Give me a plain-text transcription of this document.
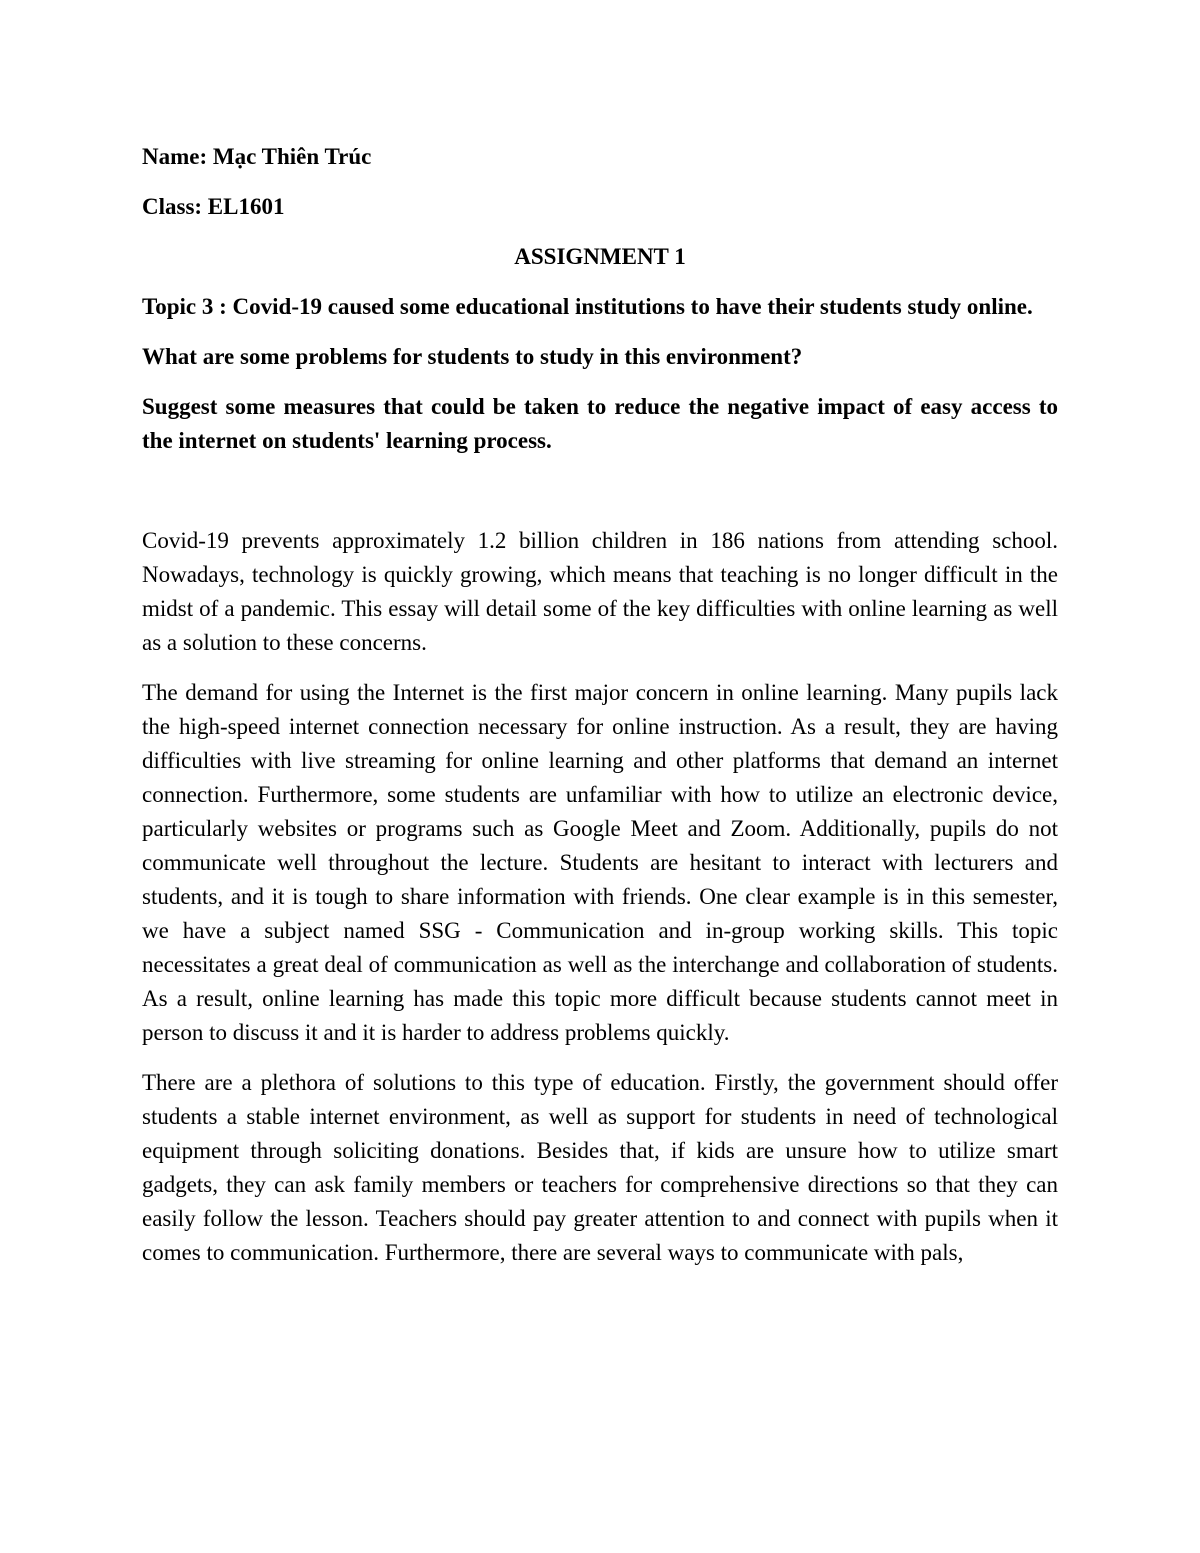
Name: Mạc Thiên Trúc

Class: EL1601

ASSIGNMENT 1

Topic 3 : Covid-19 caused some educational institutions to have their students study online.

What are some problems for students to study in this environment?

Suggest some measures that could be taken to reduce the negative impact of easy access to the internet on students' learning process.

Covid-19 prevents approximately 1.2 billion children in 186 nations from attending school. Nowadays, technology is quickly growing, which means that teaching is no longer difficult in the midst of a pandemic. This essay will detail some of the key difficulties with online learning as well as a solution to these concerns.

The demand for using the Internet is the first major concern in online learning. Many pupils lack the high-speed internet connection necessary for online instruction. As a result, they are having difficulties with live streaming for online learning and other platforms that demand an internet connection. Furthermore, some students are unfamiliar with how to utilize an electronic device, particularly websites or programs such as Google Meet and Zoom. Additionally, pupils do not communicate well throughout the lecture. Students are hesitant to interact with lecturers and students, and it is tough to share information with friends. One clear example is in this semester, we have a subject named SSG - Communication and in-group working skills. This topic necessitates a great deal of communication as well as the interchange and collaboration of students. As a result, online learning has made this topic more difficult because students cannot meet in person to discuss it and it is harder to address problems quickly.

There are a plethora of solutions to this type of education. Firstly, the government should offer students a stable internet environment, as well as support for students in need of technological equipment through soliciting donations. Besides that, if kids are unsure how to utilize smart gadgets, they can ask family members or teachers for comprehensive directions so that they can easily follow the lesson. Teachers should pay greater attention to and connect with pupils when it comes to communication. Furthermore, there are several ways to communicate with pals,
